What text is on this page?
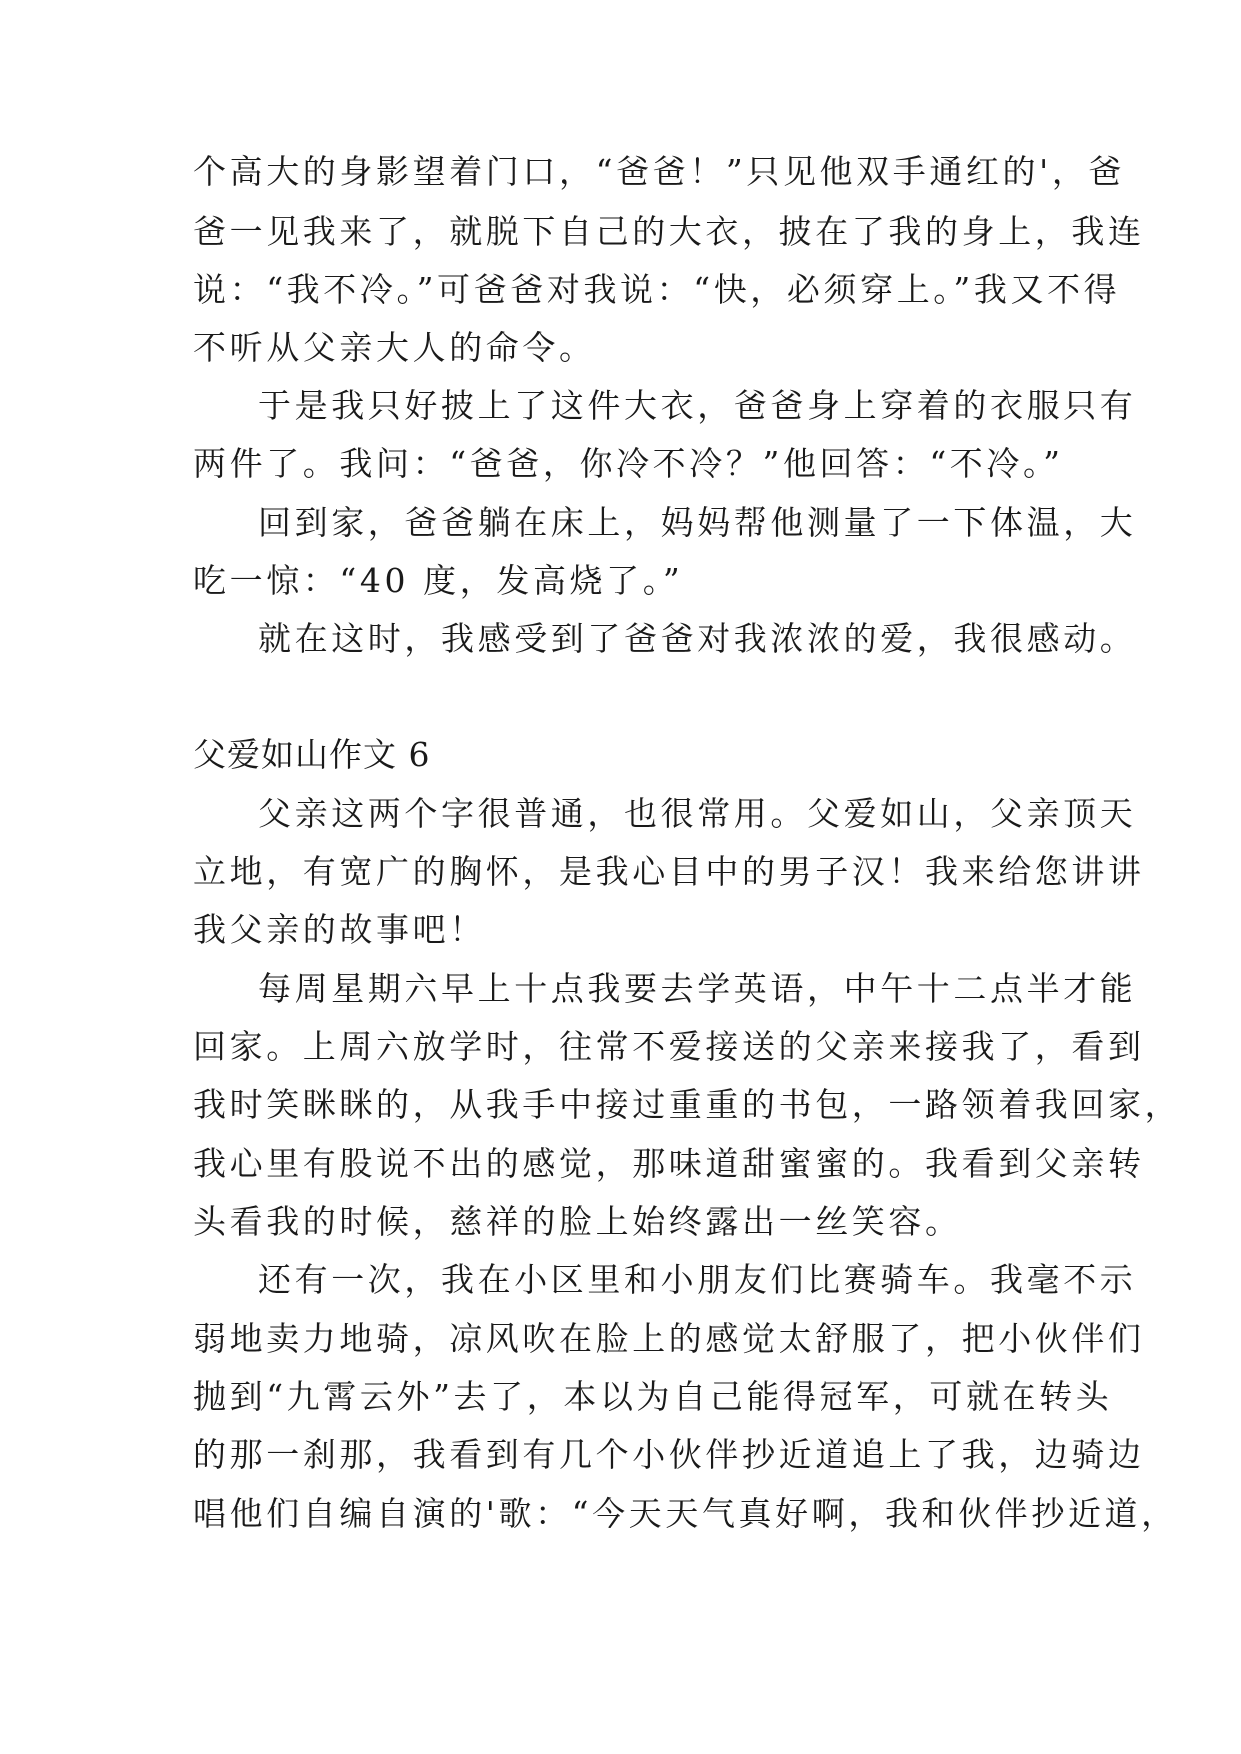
个高大的身影望着门口，“爸爸！”只见他双手通红的'，爸
爸一见我来了，就脱下自己的大衣，披在了我的身上，我连
说：“我不冷。”可爸爸对我说：“快，必须穿上。”我又不得
不听从父亲大人的命令。
于是我只好披上了这件大衣，爸爸身上穿着的衣服只有
两件了。我问：“爸爸，你冷不冷？”他回答：“不冷。”
回到家，爸爸躺在床上，妈妈帮他测量了一下体温，大
吃一惊：“40 度，发高烧了。”
就在这时，我感受到了爸爸对我浓浓的爱，我很感动。
父爱如山作文 6
父亲这两个字很普通，也很常用。父爱如山，父亲顶天
立地，有宽广的胸怀，是我心目中的男子汉！我来给您讲讲
我父亲的故事吧！
每周星期六早上十点我要去学英语，中午十二点半才能
回家。上周六放学时，往常不爱接送的父亲来接我了，看到
我时笑眯眯的，从我手中接过重重的书包，一路领着我回家，
我心里有股说不出的感觉，那味道甜蜜蜜的。我看到父亲转
头看我的时候，慈祥的脸上始终露出一丝笑容。
还有一次，我在小区里和小朋友们比赛骑车。我毫不示
弱地卖力地骑，凉风吹在脸上的感觉太舒服了，把小伙伴们
抛到“九霄云外”去了，本以为自己能得冠军，可就在转头
的那一刹那，我看到有几个小伙伴抄近道追上了我，边骑边
唱他们自编自演的'歌：“今天天气真好啊，我和伙伴抄近道，
